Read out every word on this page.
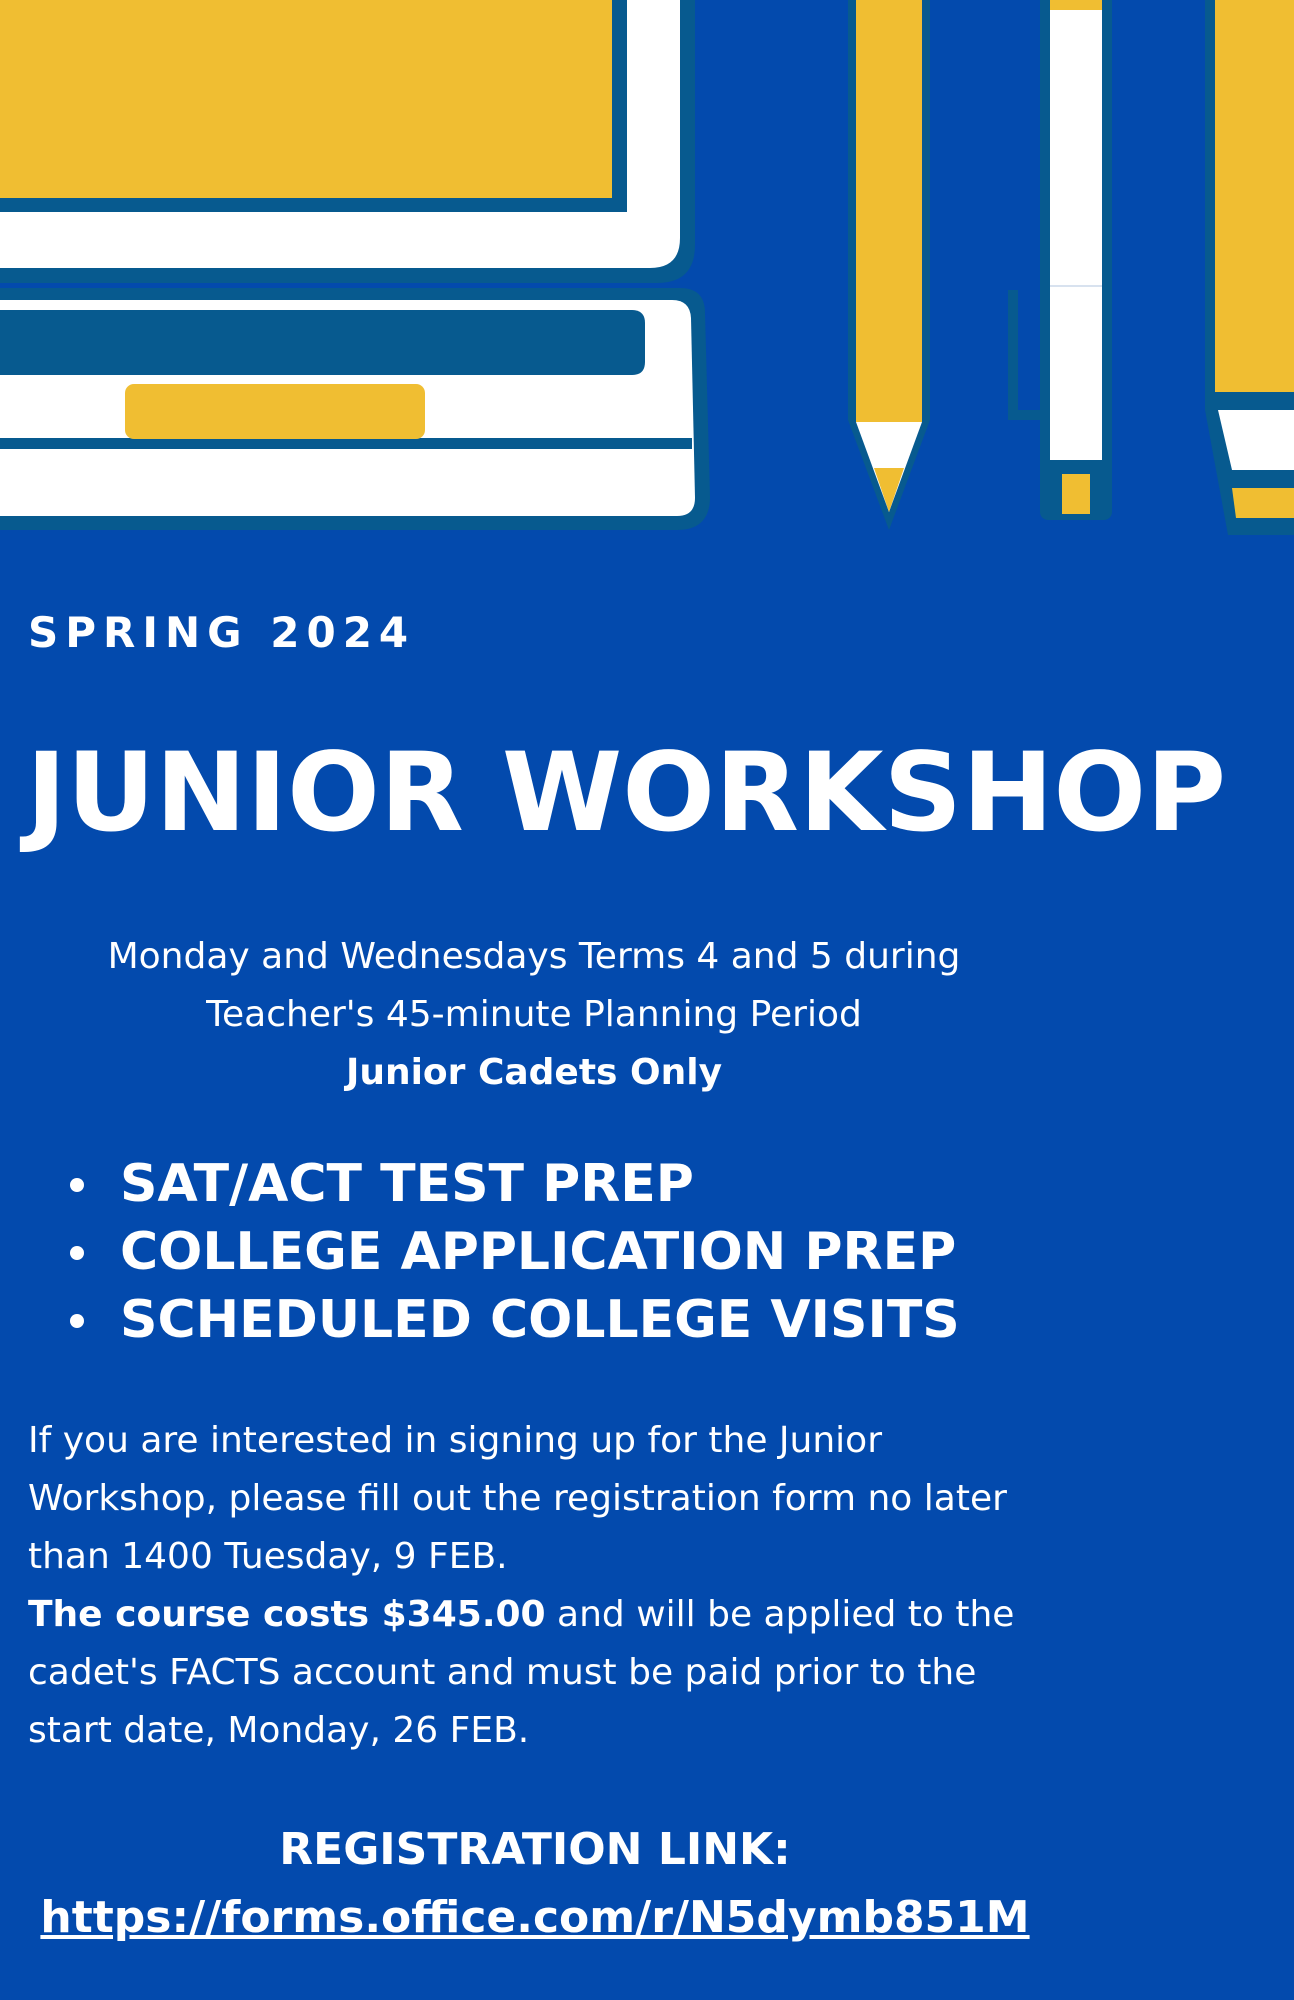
SPRING 2024
JUNIOR WORKSHOP
Monday and Wednesdays Terms 4 and 5 during
Teacher's 45-minute Planning Period
Junior Cadets Only
SAT/ACT TEST PREP
COLLEGE APPLICATION PREP
SCHEDULED COLLEGE VISITS

If you are interested in signing up for the Junior

Workshop, please fill out the registration form no later

than 1400 Tuesday, 9 FEB.

The course costs $345.00 and will be applied to the

cadet's FACTS account and must be paid prior to the

start date, Monday, 26 FEB.

REGISTRATION LINK:
https://forms.office.com/r/N5dymb851M
